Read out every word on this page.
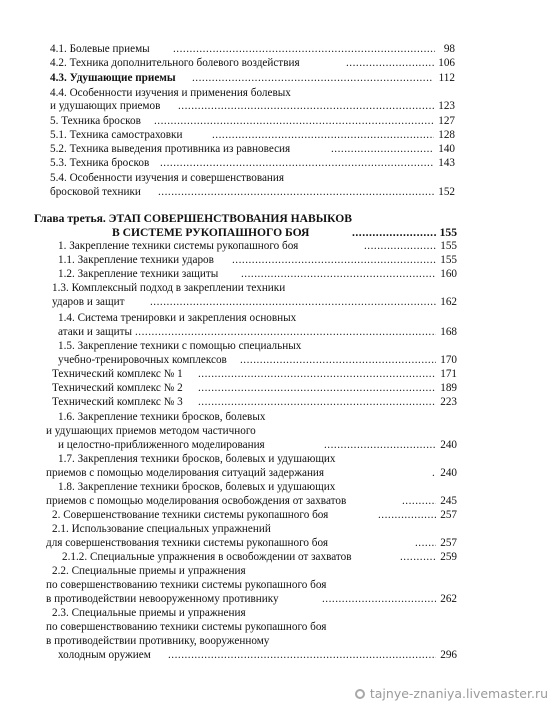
4.1. Болевые приемы .....	98
4.2. Техника дополнительного болевого воздействия .....	106
4.3. Удушающие приемы .....	112
4.4. Особенности изучения и применения болевых
и удушающих приемов .....	123
5. Техника бросков .....	127
5.1. Техника самостраховки .....	128
5.2. Техника выведения противника из равновесия .....	140
5.3. Техника бросков .....	143
5.4. Особенности изучения и совершенствования
бросковой техники .....	152
Глава третья. ЭТАП СОВЕРШЕНСТВОВАНИЯ НАВЫКОВ
В СИСТЕМЕ РУКОПАШНОГО БОЯ .....	155
1. Закрепление техники системы рукопашного боя .....	155
1.1. Закрепление техники ударов .....	155
1.2. Закрепление техники защиты .....	160
1.3. Комплексный подход в закреплении техники
ударов и защит .....	162
1.4. Система тренировки и закрепления основных
атаки и защиты .....	168
1.5. Закрепление техники с помощью специальных
учебно-тренировочных комплексов .....	170
Технический комплекс № 1 .....	171
Технический комплекс № 2 .....	189
Технический комплекс № 3 .....	223
1.6. Закрепление техники бросков, болевых
и удушающих приемов методом частичного
и целостно-приближенного моделирования .....	240
1.7. Закрепления техники бросков, болевых и удушающих
приемов с помощью моделирования ситуаций задержания .....	240
1.8. Закрепление техники бросков, болевых и удушающих
приемов с помощью моделирования освобождения от захватов .....	245
2. Совершенствование техники системы рукопашного боя .....	257
2.1. Использование специальных упражнений
для совершенствования техники системы рукопашного боя .....	257
2.1.2. Специальные упражнения в освобождении от захватов .....	259
2.2. Специальные приемы и упражнения
по совершенствованию техники системы рукопашного боя
в противодействии невооруженному противнику .....	262
2.3. Специальные приемы и упражнения
по совершенствованию техники системы рукопашного боя
в противодействии противнику, вооруженному
холодным оружием .....	296
tajnye-znaniya.livemaster.ru
